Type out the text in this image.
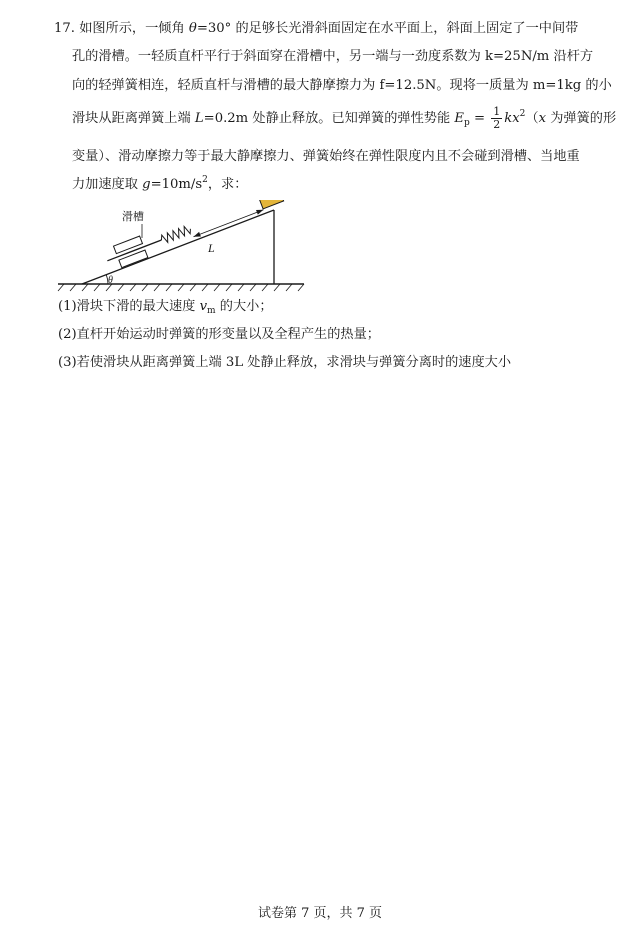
17. 如图所示，一倾角 θ=30° 的足够长光滑斜面固定在水平面上，斜面上固定了一中间带
孔的滑槽。一轻质直杆平行于斜面穿在滑槽中，另一端与一劲度系数为 k=25N/m 沿杆方
向的轻弹簧相连，轻质直杆与滑槽的最大静摩擦力为 f=12.5N。现将一质量为 m=1kg 的小
滑块从距离弹簧上端 L=0.2m 处静止释放。已知弹簧的弹性势能 $E_p = \frac{1}{2} kx^2(x$ 为弹簧的形
变量）、滑动摩擦力等于最大静摩擦力、弹簧始终在弹性限度内且不会碰到滑槽、当地重
力加速度取 $g=10m/s^2$，求：
θ
滑槽
L
(1)滑块下滑的最大速度 $v_m$ 的大小；
(2)直杆开始运动时弹簧的形变量以及全程产生的热量；
(3)若使滑块从距离弹簧上端 3L 处静止释放，求滑块与弹簧分离时的速度大小
试卷第 7 页，共 7 页
